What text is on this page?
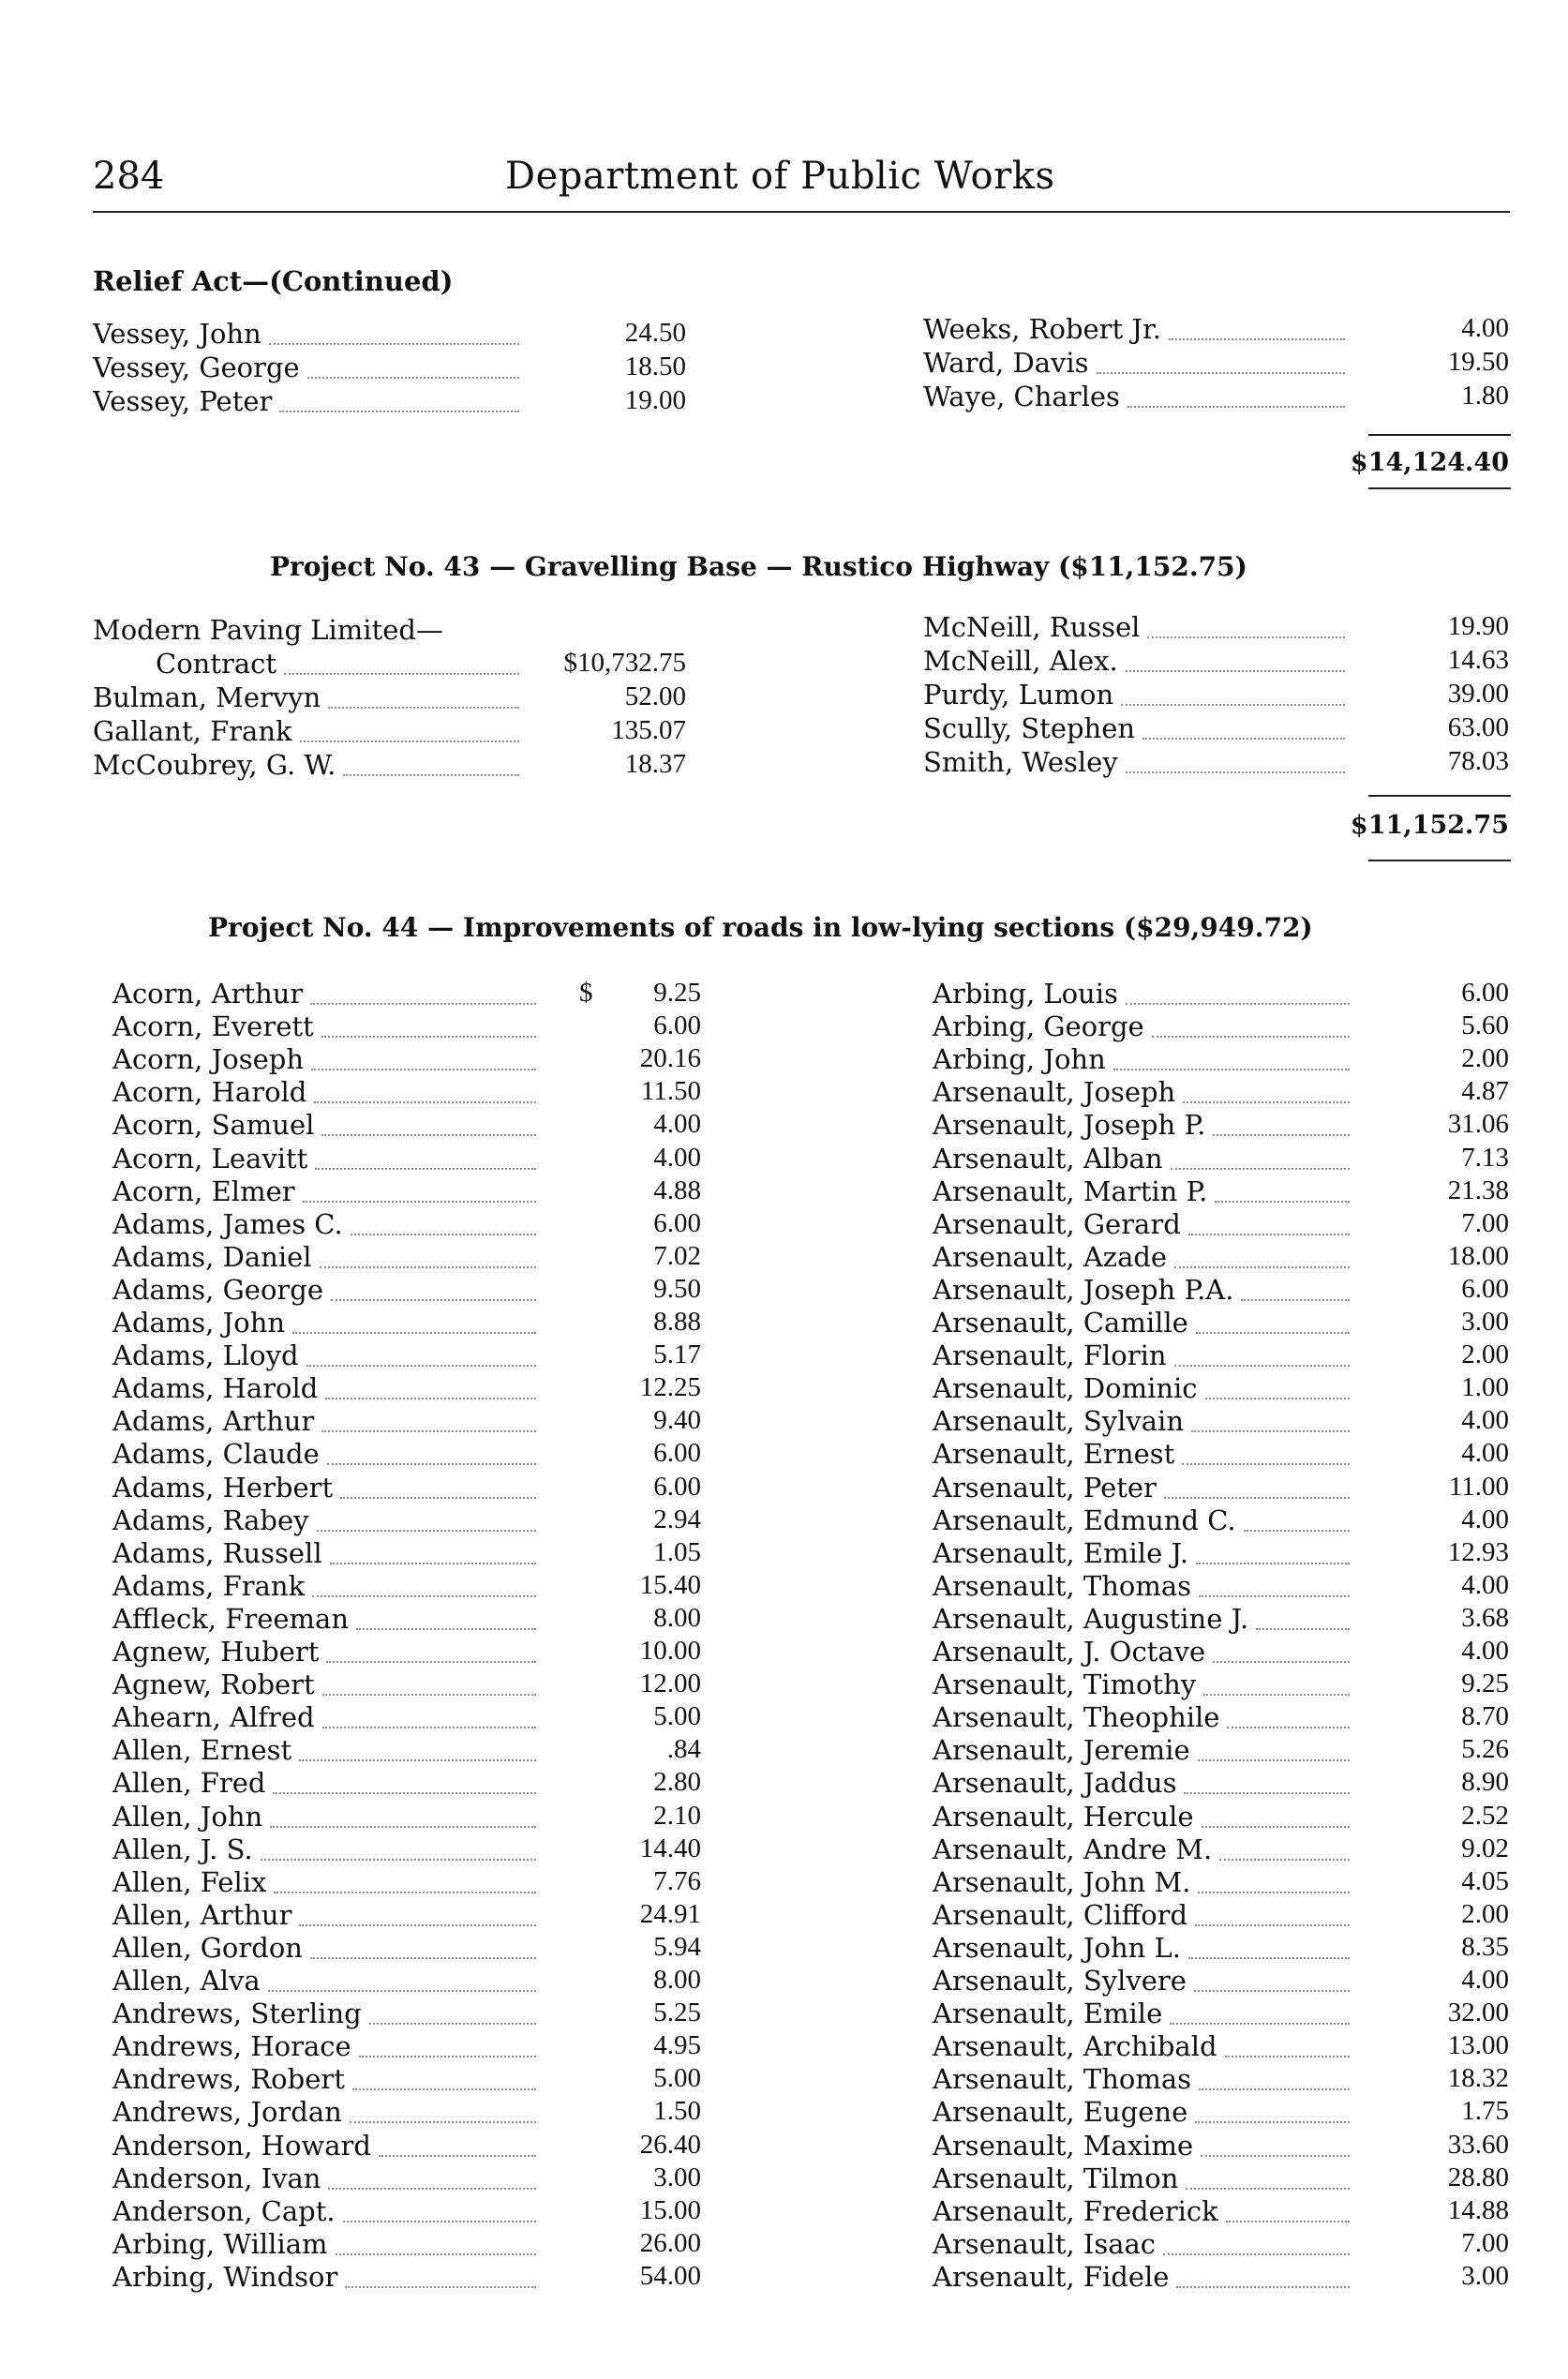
284	Department of Public Works
Relief Act—(Continued)
Vessey, John	24.50
Vessey, George	18.50
Vessey, Peter	19.00
Weeks, Robert Jr.	4.00
Ward, Davis	19.50
Waye, Charles	1.80
$14,124.40
Project No. 43 — Gravelling Base — Rustico Highway ($11,152.75)
Modern Paving Limited—
Contract	$10,732.75
Bulman, Mervyn	52.00
Gallant, Frank	135.07
McCoubrey, G. W.	18.37
McNeill, Russel	19.90
McNeill, Alex.	14.63
Purdy, Lumon	39.00
Scully, Stephen	63.00
Smith, Wesley	78.03
$11,152.75
Project No. 44 — Improvements of roads in low-lying sections ($29,949.72)
$
Acorn, Arthur	9.25
Acorn, Everett	6.00
Acorn, Joseph	20.16
Acorn, Harold	11.50
Acorn, Samuel	4.00
Acorn, Leavitt	4.00
Acorn, Elmer	4.88
Adams, James C.	6.00
Adams, Daniel	7.02
Adams, George	9.50
Adams, John	8.88
Adams, Lloyd	5.17
Adams, Harold	12.25
Adams, Arthur	9.40
Adams, Claude	6.00
Adams, Herbert	6.00
Adams, Rabey	2.94
Adams, Russell	1.05
Adams, Frank	15.40
Affleck, Freeman	8.00
Agnew, Hubert	10.00
Agnew, Robert	12.00
Ahearn, Alfred	5.00
Allen, Ernest	.84
Allen, Fred	2.80
Allen, John	2.10
Allen, J. S.	14.40
Allen, Felix	7.76
Allen, Arthur	24.91
Allen, Gordon	5.94
Allen, Alva	8.00
Andrews, Sterling	5.25
Andrews, Horace	4.95
Andrews, Robert	5.00
Andrews, Jordan	1.50
Anderson, Howard	26.40
Anderson, Ivan	3.00
Anderson, Capt.	15.00
Arbing, William	26.00
Arbing, Windsor	54.00
Arbing, Louis	6.00
Arbing, George	5.60
Arbing, John	2.00
Arsenault, Joseph	4.87
Arsenault, Joseph P.	31.06
Arsenault, Alban	7.13
Arsenault, Martin P.	21.38
Arsenault, Gerard	7.00
Arsenault, Azade	18.00
Arsenault, Joseph P.A.	6.00
Arsenault, Camille	3.00
Arsenault, Florin	2.00
Arsenault, Dominic	1.00
Arsenault, Sylvain	4.00
Arsenault, Ernest	4.00
Arsenault, Peter	11.00
Arsenault, Edmund C.	4.00
Arsenault, Emile J.	12.93
Arsenault, Thomas	4.00
Arsenault, Augustine J.	3.68
Arsenault, J. Octave	4.00
Arsenault, Timothy	9.25
Arsenault, Theophile	8.70
Arsenault, Jeremie	5.26
Arsenault, Jaddus	8.90
Arsenault, Hercule	2.52
Arsenault, Andre M.	9.02
Arsenault, John M.	4.05
Arsenault, Clifford	2.00
Arsenault, John L.	8.35
Arsenault, Sylvere	4.00
Arsenault, Emile	32.00
Arsenault, Archibald	13.00
Arsenault, Thomas	18.32
Arsenault, Eugene	1.75
Arsenault, Maxime	33.60
Arsenault, Tilmon	28.80
Arsenault, Frederick	14.88
Arsenault, Isaac	7.00
Arsenault, Fidele	3.00
